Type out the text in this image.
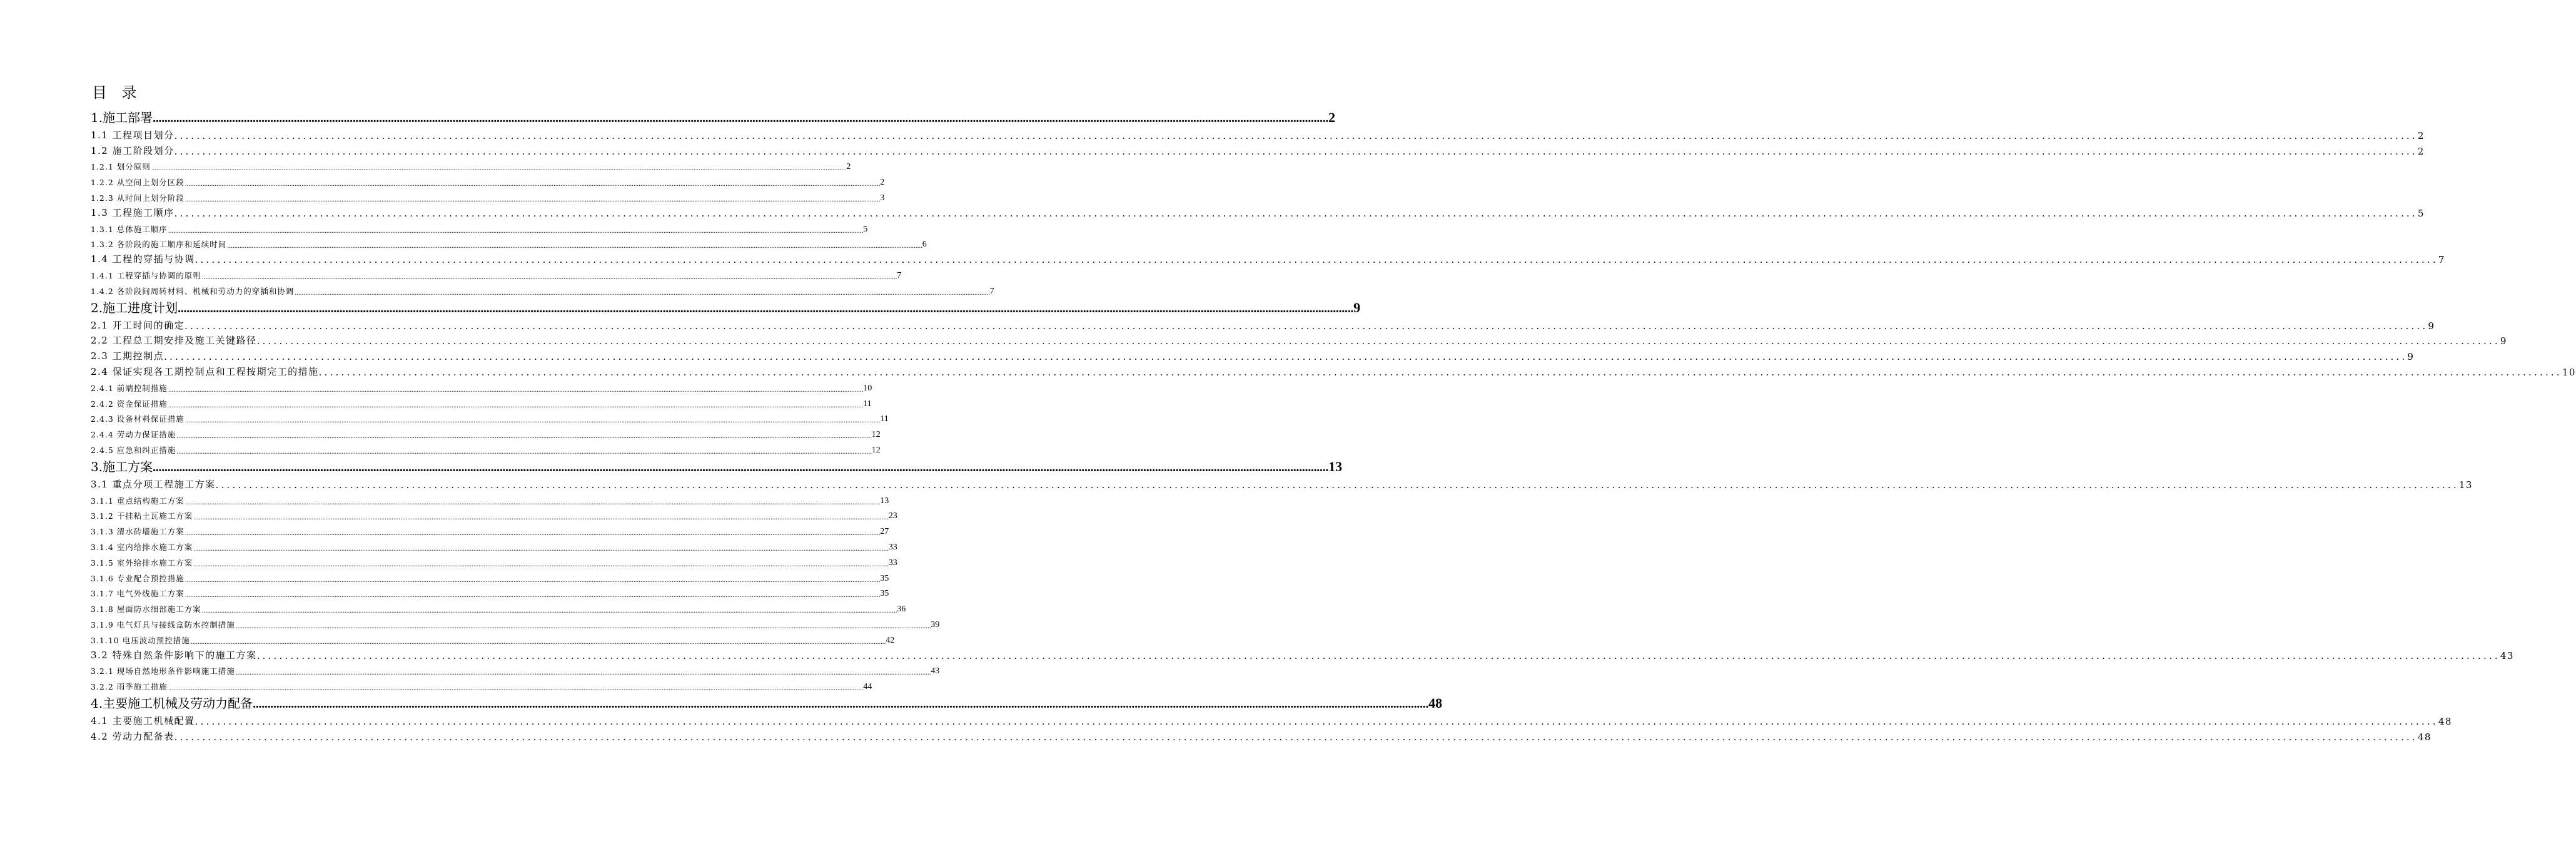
目 录
1.施工部署 ................................................................................................................................................................................................................................................................................................................................................................................................................ 2
1.1 工程项目划分 ................................................................................................................................................................................................................................................................................................................................................................................................................ 2
1.2 施工阶段划分 ................................................................................................................................................................................................................................................................................................................................................................................................................ 2
1.2.1 划分原则 ................................................................................................................................................................................................................................................................................................................................................................................................................ 2
1.2.2 从空间上划分区段 ................................................................................................................................................................................................................................................................................................................................................................................................................ 2
1.2.3 从时间上划分阶段 ................................................................................................................................................................................................................................................................................................................................................................................................................ 3
1.3 工程施工顺序 ................................................................................................................................................................................................................................................................................................................................................................................................................ 5
1.3.1 总体施工顺序 ................................................................................................................................................................................................................................................................................................................................................................................................................ 5
1.3.2 各阶段的施工顺序和延续时间 ................................................................................................................................................................................................................................................................................................................................................................................................................ 6
1.4 工程的穿插与协调 ................................................................................................................................................................................................................................................................................................................................................................................................................ 7
1.4.1 工程穿插与协调的原则 ................................................................................................................................................................................................................................................................................................................................................................................................................ 7
1.4.2 各阶段间周转材料、机械和劳动力的穿插和协调 ................................................................................................................................................................................................................................................................................................................................................................................................................ 7
2.施工进度计划 ................................................................................................................................................................................................................................................................................................................................................................................................................ 9
2.1 开工时间的确定 ................................................................................................................................................................................................................................................................................................................................................................................................................ 9
2.2 工程总工期安排及施工关键路径 ................................................................................................................................................................................................................................................................................................................................................................................................................ 9
2.3 工期控制点 ................................................................................................................................................................................................................................................................................................................................................................................................................ 9
2.4 保证实现各工期控制点和工程按期完工的措施 ................................................................................................................................................................................................................................................................................................................................................................................................................ 10
2.4.1 前端控制措施 ................................................................................................................................................................................................................................................................................................................................................................................................................ 10
2.4.2 资金保证措施 ................................................................................................................................................................................................................................................................................................................................................................................................................ 11
2.4.3 设备材料保证措施 ................................................................................................................................................................................................................................................................................................................................................................................................................ 11
2.4.4 劳动力保证措施 ................................................................................................................................................................................................................................................................................................................................................................................................................ 12
2.4.5 应急和纠正措施 ................................................................................................................................................................................................................................................................................................................................................................................................................ 12
3.施工方案 ................................................................................................................................................................................................................................................................................................................................................................................................................ 13
3.1 重点分项工程施工方案 ................................................................................................................................................................................................................................................................................................................................................................................................................ 13
3.1.1 重点结构施工方案 ................................................................................................................................................................................................................................................................................................................................................................................................................ 13
3.1.2 干挂粘土瓦施工方案 ................................................................................................................................................................................................................................................................................................................................................................................................................ 23
3.1.3 清水砖墙施工方案 ................................................................................................................................................................................................................................................................................................................................................................................................................ 27
3.1.4 室内给排水施工方案 ................................................................................................................................................................................................................................................................................................................................................................................................................ 33
3.1.5 室外给排水施工方案 ................................................................................................................................................................................................................................................................................................................................................................................................................ 33
3.1.6 专业配合预控措施 ................................................................................................................................................................................................................................................................................................................................................................................................................ 35
3.1.7 电气外线施工方案 ................................................................................................................................................................................................................................................................................................................................................................................................................ 35
3.1.8 屋面防水细部施工方案 ................................................................................................................................................................................................................................................................................................................................................................................................................ 36
3.1.9 电气灯具与接线盒防水控制措施 ................................................................................................................................................................................................................................................................................................................................................................................................................ 39
3.1.10 电压波动预控措施 ................................................................................................................................................................................................................................................................................................................................................................................................................ 42
3.2 特殊自然条件影响下的施工方案 ................................................................................................................................................................................................................................................................................................................................................................................................................ 43
3.2.1 现场自然地形条件影响施工措施 ................................................................................................................................................................................................................................................................................................................................................................................................................ 43
3.2.2 雨季施工措施 ................................................................................................................................................................................................................................................................................................................................................................................................................ 44
4.主要施工机械及劳动力配备 ................................................................................................................................................................................................................................................................................................................................................................................................................ 48
4.1 主要施工机械配置 ................................................................................................................................................................................................................................................................................................................................................................................................................ 48
4.2 劳动力配备表 ................................................................................................................................................................................................................................................................................................................................................................................................................ 48
